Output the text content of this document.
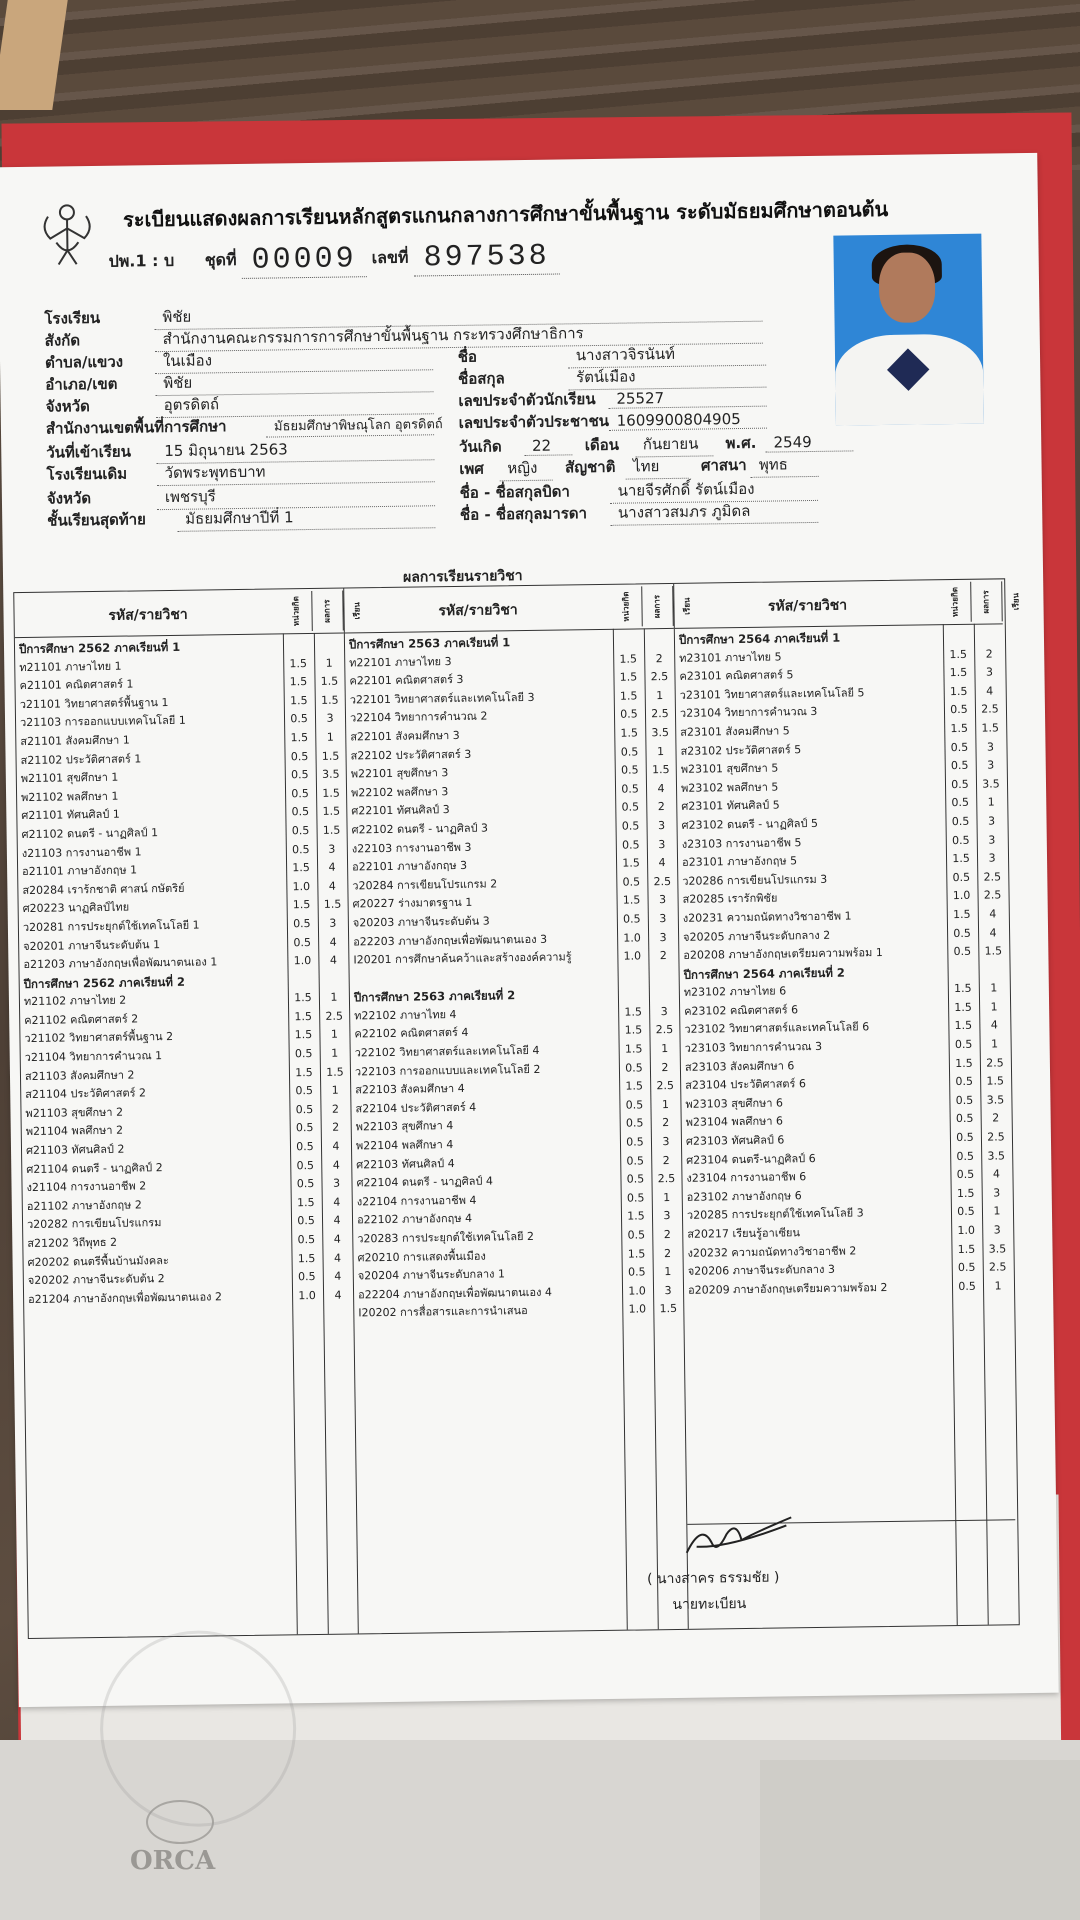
ORCA
ระเบียนแสดงผลการเรียนหลักสูตรแกนกลางการศึกษาขั้นพื้นฐาน ระดับมัธยมศึกษาตอนต้น
ปพ.1 : บ ชุดที่ 00009 เลขที่ 897538
โรงเรียน	พิชัย
สังกัด	สำนักงานคณะกรรมการการศึกษาขั้นพื้นฐาน กระทรวงศึกษาธิการ
ตำบล/แขวง	ในเมือง	ชื่อ	นางสาวจิรนันท์
อำเภอ/เขต	พิชัย	ชื่อสกุล	รัตน์เมือง
จังหวัด	อุตรดิตถ์	เลขประจำตัวนักเรียน 25527
สำนักงานเขตพื้นที่การศึกษา	มัธยมศึกษาพิษณุโลก อุตรดิตถ์ เลขประจำตัวประชาชน 1609900804905
วันที่เข้าเรียน 15 มิถุนายน 2563	วันเกิด 22 เดือน กันยายน พ.ศ. 2549
โรงเรียนเดิม วัดพระพุทธบาท	เพศ หญิง สัญชาติ ไทย	ศาสนา พุทธ
จังหวัด	เพชรบุรี	ชื่อ - ชื่อสกุลบิดา	นายจีรศักดิ์ รัตน์เมือง
ชั้นเรียนสุดท้าย	มัธยมศึกษาปีที่ 1	ชื่อ - ชื่อสกุลมารดา นางสาวสมภร ภูมิดล
ผลการเรียนรายวิชา
รหัส/รายวิชา	หน่วยกิต	ผลการเรียน
ปีการศึกษา 2562 ภาคเรียนที่ 1
ท21101 ภาษาไทย 1	1.5	1
ค21101 คณิตศาสตร์ 1	1.5	1.5
ว21101 วิทยาศาสตร์พื้นฐาน 1	1.5	1.5
ว21103 การออกแบบเทคโนโลยี 1	0.5	3
ส21101 สังคมศึกษา 1	1.5	1
ส21102 ประวัติศาสตร์ 1	0.5	1.5
พ21101 สุขศึกษา 1	0.5	3.5
พ21102 พลศึกษา 1	0.5	1.5
ศ21101 ทัศนศิลป์ 1	0.5	1.5
ศ21102 ดนตรี - นาฏศิลป์ 1	0.5	1.5
ง21103 การงานอาชีพ 1	0.5	3
อ21101 ภาษาอังกฤษ 1	1.5	4
ส20284 เราร้กชาติ ศาสน์ กษัตริย์	1.0	4
ศ20223 นาฏศิลป์ไทย	1.5	1.5
ว20281 การประยุกต์ใช้เทคโนโลยี 1	0.5	3
จ20201 ภาษาจีนระดับต้น 1	0.5	4
อ21203 ภาษาอังกฤษเพื่อพัฒนาตนเอง 1	1.0	4
ปีการศึกษา 2562 ภาคเรียนที่ 2
ท21102 ภาษาไทย 2	1.5	1
ค21102 คณิตศาสตร์ 2	1.5	2.5
ว21102 วิทยาศาสตร์พื้นฐาน 2	1.5	1
ว21104 วิทยาการคำนวณ 1	0.5	1
ส21103 สังคมศึกษา 2	1.5	1.5
ส21104 ประวัติศาสตร์ 2	0.5	1
พ21103 สุขศึกษา 2	0.5	2
พ21104 พลศึกษา 2	0.5	2
ศ21103 ทัศนศิลป์ 2	0.5	4
ศ21104 ดนตรี - นาฏศิลป์ 2	0.5	4
ง21104 การงานอาชีพ 2	0.5	3
อ21102 ภาษาอังกฤษ 2	1.5	4
ว20282 การเขียนโปรแกรม	0.5	4
ส21202 วิถีพุทธ 2	0.5	4
ศ20202 ดนตรีพื้นบ้านมังคละ	1.5	4
จ20202 ภาษาจีนระดับต้น 2	0.5	4
อ21204 ภาษาอังกฤษเพื่อพัฒนาตนเอง 2	1.0	4
รหัส/รายวิชา	หน่วยกิต	ผลการเรียน
ปีการศึกษา 2563 ภาคเรียนที่ 1
ท22101 ภาษาไทย 3	1.5	2
ค22101 คณิตศาสตร์ 3	1.5	2.5
ว22101 วิทยาศาสตร์และเทคโนโลยี 3	1.5	1
ว22104 วิทยาการคำนวณ 2	0.5	2.5
ส22101 สังคมศึกษา 3	1.5	3.5
ส22102 ประวัติศาสตร์ 3	0.5	1
พ22101 สุขศึกษา 3	0.5	1.5
พ22102 พลศึกษา 3	0.5	4
ศ22101 ทัศนศิลป์ 3	0.5	2
ศ22102 ดนตรี - นาฏศิลป์ 3	0.5	3
ง22103 การงานอาชีพ 3	0.5	3
อ22101 ภาษาอังกฤษ 3	1.5	4
ว20284 การเขียนโปรแกรม 2	0.5	2.5
ศ20227 ร่างมาตรฐาน 1	1.5	3
จ20203 ภาษาจีนระดับต้น 3	0.5	3
อ22203 ภาษาอังกฤษเพื่อพัฒนาตนเอง 3	1.0	3
I20201 การศึกษาค้นคว้าและสร้างองค์ความรู้	1.0	2
ปีการศึกษา 2563 ภาคเรียนที่ 2
ท22102 ภาษาไทย 4	1.5	3
ค22102 คณิตศาสตร์ 4	1.5	2.5
ว22102 วิทยาศาสตร์และเทคโนโลยี 4	1.5	1
ว22103 การออกแบบและเทคโนโลยี 2	0.5	2
ส22103 สังคมศึกษา 4	1.5	2.5
ส22104 ประวัติศาสตร์ 4	0.5	1
พ22103 สุขศึกษา 4	0.5	2
พ22104 พลศึกษา 4	0.5	3
ศ22103 ทัศนศิลป์ 4	0.5	2
ศ22104 ดนตรี - นาฏศิลป์ 4	0.5	2.5
ง22104 การงานอาชีพ 4	0.5	1
อ22102 ภาษาอังกฤษ 4	1.5	3
ว20283 การประยุกต์ใช้เทคโนโลยี 2	0.5	2
ศ20210 การแสดงพื้นเมือง	1.5	2
จ20204 ภาษาจีนระดับกลาง 1	0.5	1
อ22204 ภาษาอังกฤษเพื่อพัฒนาตนเอง 4	1.0	3
I20202 การสื่อสารและการนำเสนอ	1.0	1.5
รหัส/รายวิชา	หน่วยกิต	ผลการเรียน
ปีการศึกษา 2564 ภาคเรียนที่ 1
ท23101 ภาษาไทย 5	1.5	2
ค23101 คณิตศาสตร์ 5	1.5	3
ว23101 วิทยาศาสตร์และเทคโนโลยี 5	1.5	4
ว23104 วิทยาการคำนวณ 3	0.5	2.5
ส23101 สังคมศึกษา 5	1.5	1.5
ส23102 ประวัติศาสตร์ 5	0.5	3
พ23101 สุขศึกษา 5	0.5	3
พ23102 พลศึกษา 5	0.5	3.5
ศ23101 ทัศนศิลป์ 5	0.5	1
ศ23102 ดนตรี - นาฏศิลป์ 5	0.5	3
ง23103 การงานอาชีพ 5	0.5	3
อ23101 ภาษาอังกฤษ 5	1.5	3
ว20286 การเขียนโปรแกรม 3	0.5	2.5
ส20285 เรารักพิชัย	1.0	2.5
ง20231 ความถนัดทางวิชาอาชีพ 1	1.5	4
จ20205 ภาษาจีนระดับกลาง 2	0.5	4
อ20208 ภาษาอังกฤษเตรียมความพร้อม 1	0.5	1.5
ปีการศึกษา 2564 ภาคเรียนที่ 2
ท23102 ภาษาไทย 6	1.5	1
ค23102 คณิตศาสตร์ 6	1.5	1
ว23102 วิทยาศาสตร์และเทคโนโลยี 6	1.5	4
ว23103 วิทยาการคำนวณ 3	0.5	1
ส23103 สังคมศึกษา 6	1.5	2.5
ส23104 ประวัติศาสตร์ 6	0.5	1.5
พ23103 สุขศึกษา 6	0.5	3.5
พ23104 พลศึกษา 6	0.5	2
ศ23103 ทัศนศิลป์ 6	0.5	2.5
ศ23104 ดนตรี-นาฏศิลป์ 6	0.5	3.5
ง23104 การงานอาชีพ 6	0.5	4
อ23102 ภาษาอังกฤษ 6	1.5	3
ว20285 การประยุกต์ใช้เทคโนโลยี 3	0.5	1
ส20217 เรียนรู้อาเซียน	1.0	3
ง20232 ความถนัดทางวิชาอาชีพ 2	1.5	3.5
จ20206 ภาษาจีนระดับกลาง 3	0.5	2.5
อ20209 ภาษาอังกฤษเตรียมความพร้อม 2	0.5	1
( นางสาคร ธรรมชัย )
นายทะเบียน
